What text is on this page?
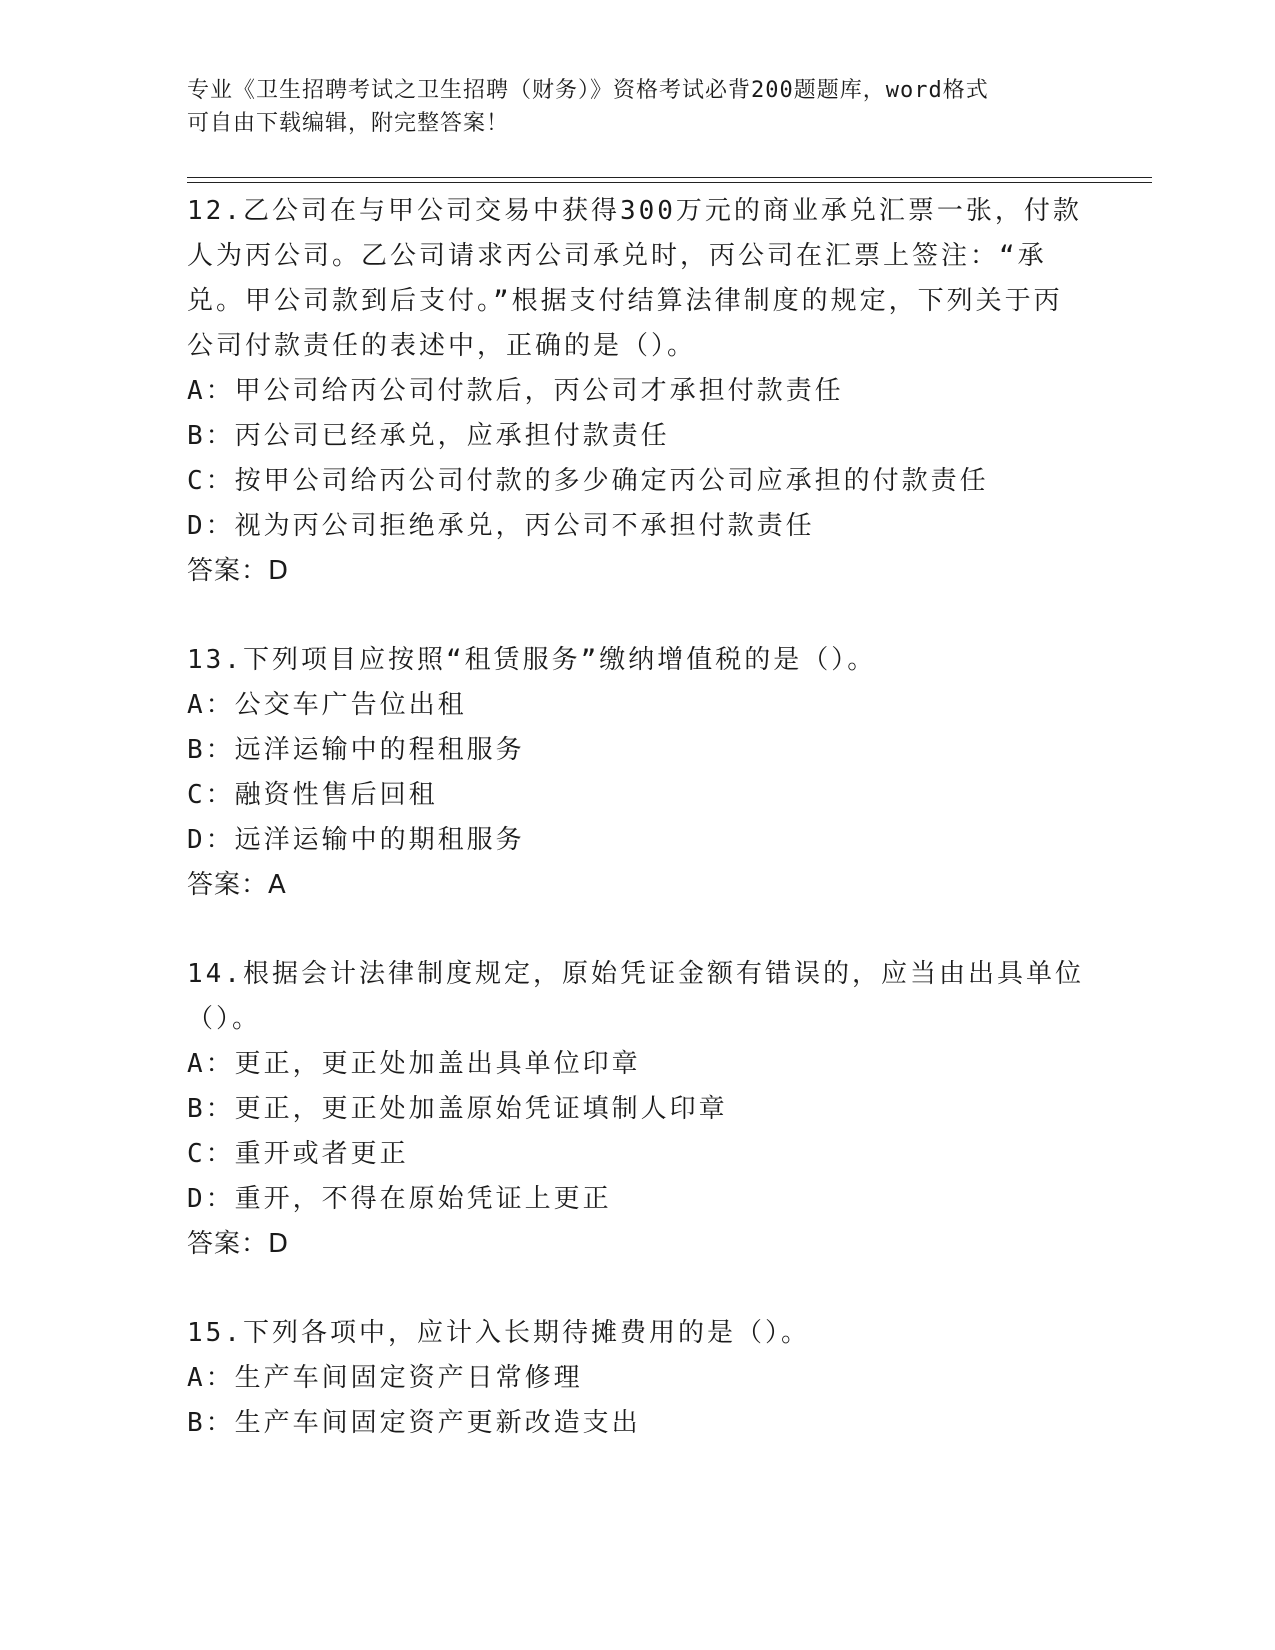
专业《卫生招聘考试之卫生招聘（财务）》资格考试必背200题题库，word格式
可自由下载编辑，附完整答案！

12.乙公司在与甲公司交易中获得300万元的商业承兑汇票一张，付款人为丙公司。乙公司请求丙公司承兑时，丙公司在汇票上签注：“承兑。甲公司款到后支付。”根据支付结算法律制度的规定，下列关于丙公司付款责任的表述中，正确的是（）。

A：甲公司给丙公司付款后，丙公司才承担付款责任

B：丙公司已经承兑，应承担付款责任

C：按甲公司给丙公司付款的多少确定丙公司应承担的付款责任

D：视为丙公司拒绝承兑，丙公司不承担付款责任

答案：D

13.下列项目应按照“租赁服务”缴纳增值税的是（）。

A：公交车广告位出租

B：远洋运输中的程租服务

C：融资性售后回租

D：远洋运输中的期租服务

答案：A

14.根据会计法律制度规定，原始凭证金额有错误的，应当由出具单位（）。

A：更正，更正处加盖出具单位印章

B：更正，更正处加盖原始凭证填制人印章

C：重开或者更正

D：重开，不得在原始凭证上更正

答案：D

15.下列各项中，应计入长期待摊费用的是（）。

A：生产车间固定资产日常修理

B：生产车间固定资产更新改造支出
